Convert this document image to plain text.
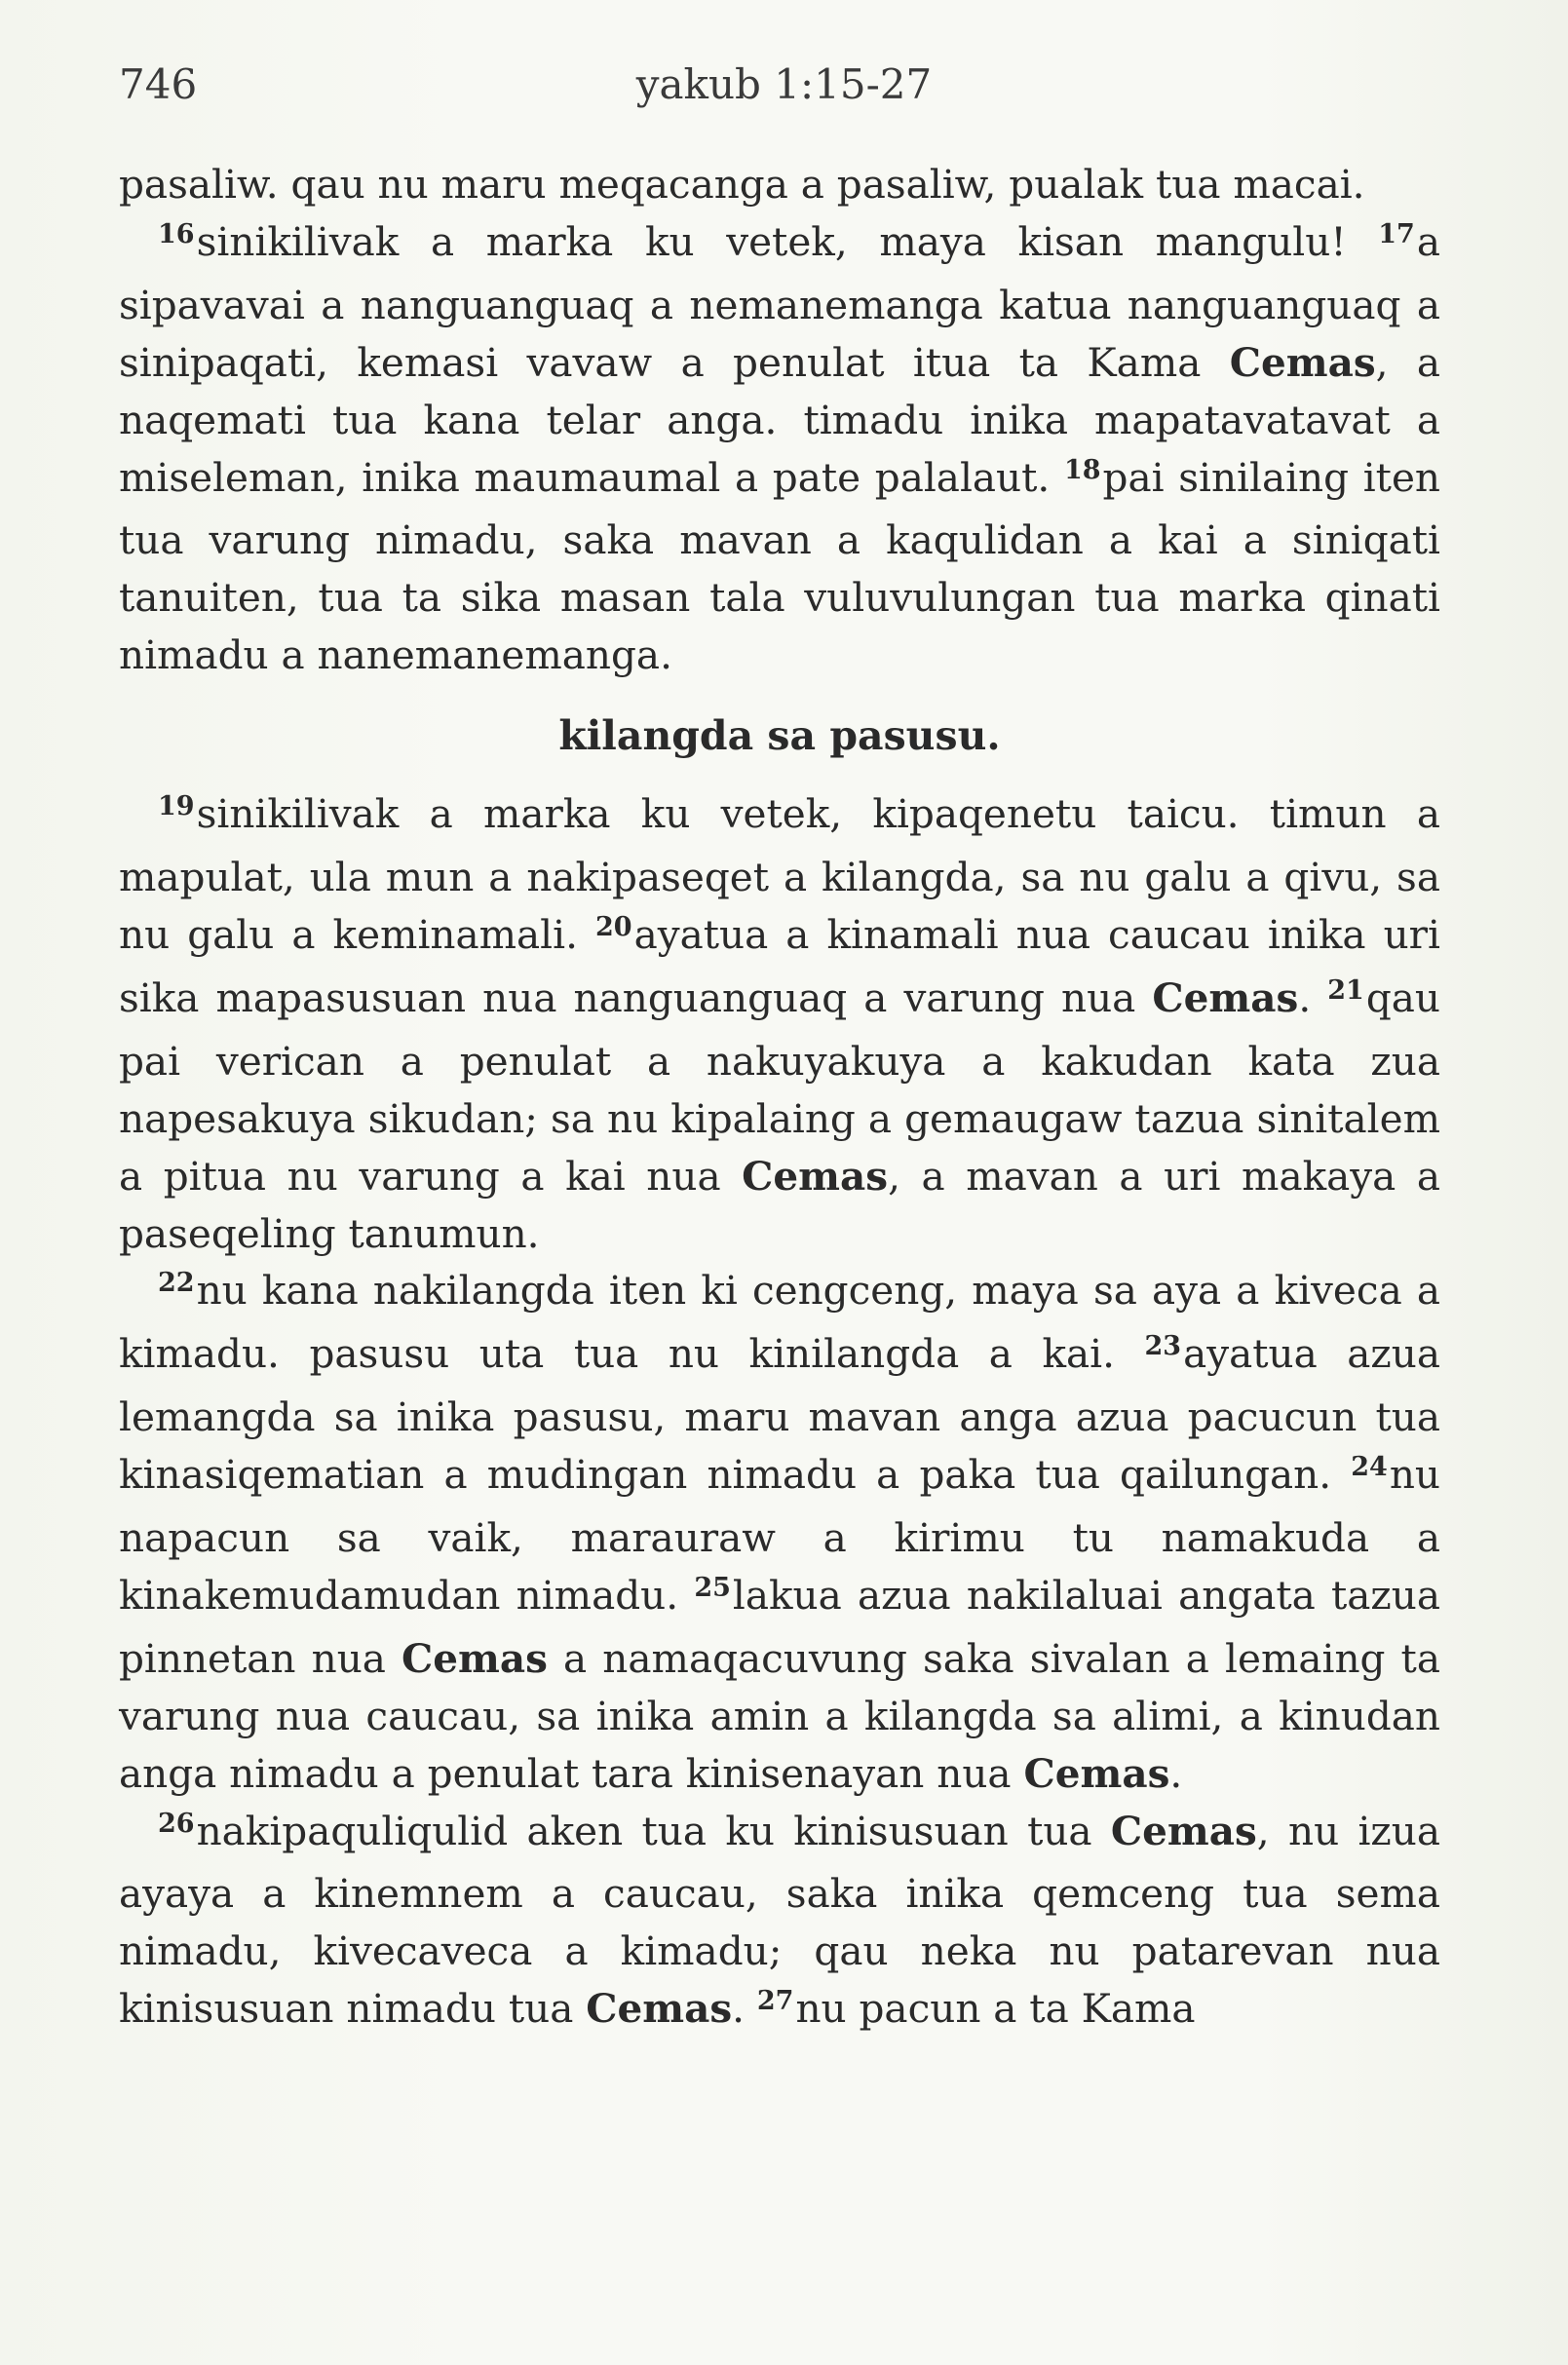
746	yakub 1:15-27

pasaliw. qau nu maru meqacanga a pasaliw, pualak tua macai.

$^{16}$sinikilivak a marka ku vetek, maya kisan mangulu! $^{17}$a sipavavai a nanguanguaq a nemanemanga katua nanguanguaq a sinipaqati, kemasi vavaw a penulat itua ta Kama Cemas, a naqemati tua kana telar anga. timadu inika mapatavatavat a miseleman, inika maumaumal a pate palalaut. $^{18}$pai sinilaing iten tua varung nimadu, saka mavan a kaqulidan a kai a siniqati tanuiten, tua ta sika masan tala vuluvulungan tua marka qinati nimadu a nanemanemanga.

kilangda sa pasusu.

$^{19}$sinikilivak a marka ku vetek, kipaqenetu taicu. timun a mapulat, ula mun a nakipaseqet a kilangda, sa nu galu a qivu, sa nu galu a keminamali. $^{20}$ayatua a kinamali nua caucau inika uri sika mapasusuan nua nanguanguaq a varung nua Cemas. $^{21}$qau pai verican a penulat a nakuyakuya a kakudan kata zua napesakuya sikudan; sa nu kipalaing a gemaugaw tazua sinitalem a pitua nu varung a kai nua Cemas, a mavan a uri makaya a paseqeling tanumun.

$^{22}$nu kana nakilangda iten ki cengceng, maya sa aya a kiveca a kimadu. pasusu uta tua nu kinilangda a kai. $^{23}$ayatua azua lemangda sa inika pasusu, maru mavan anga azua pacucun tua kinasiqematian a mudingan nimadu a paka tua qailungan. $^{24}$nu napacun sa vaik, marauraw a kirimu tu namakuda a kinakemudamudan nimadu. $^{25}$lakua azua nakilaluai angata tazua pinnetan nua Cemas a namaqacuvung saka sivalan a lemaing ta varung nua caucau, sa inika amin a kilangda sa alimi, a kinudan anga nimadu a penulat tara kinisenayan nua Cemas.

$^{26}$nakipaquliqulid aken tua ku kinisusuan tua Cemas, nu izua ayaya a kinemnem a caucau, saka inika qemceng tua sema nimadu, kivecaveca a kimadu; qau neka nu patarevan nua kinisusuan nimadu tua Cemas. $^{27}$nu pacun a ta Kama
